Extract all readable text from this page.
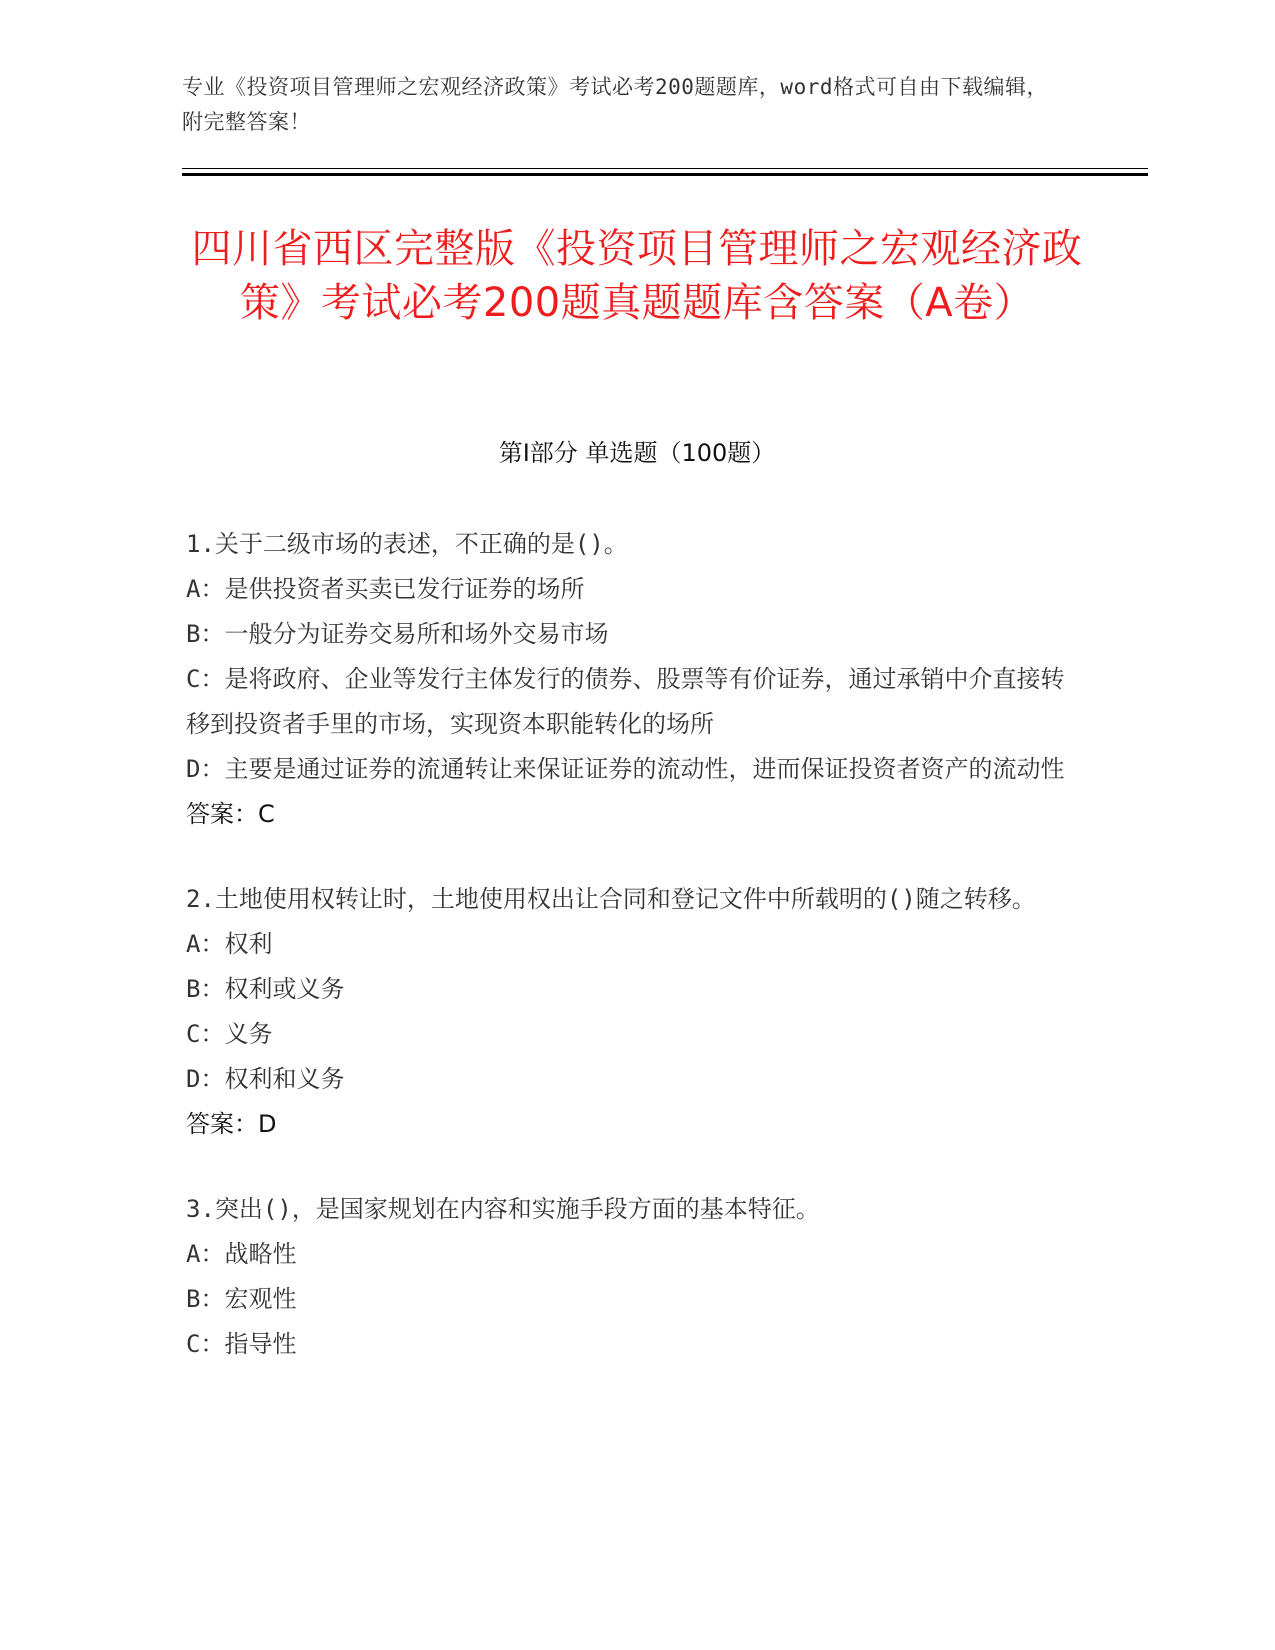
专业《投资项目管理师之宏观经济政策》考试必考200题题库，word格式可自由下载编辑，附完整答案！
四川省西区完整版《投资项目管理师之宏观经济政策》考试必考200题真题题库含答案（A卷）
第I部分 单选题（100题）

1.关于二级市场的表述，不正确的是()。

A：是供投资者买卖已发行证券的场所

B：一般分为证券交易所和场外交易市场

C：是将政府、企业等发行主体发行的债券、股票等有价证券，通过承销中介直接转移到投资者手里的市场，实现资本职能转化的场所

D：主要是通过证券的流通转让来保证证券的流动性，进而保证投资者资产的流动性

答案：C

2.土地使用权转让时，土地使用权出让合同和登记文件中所载明的()随之转移。

A：权利

B：权利或义务

C：义务

D：权利和义务

答案：D

3.突出()，是国家规划在内容和实施手段方面的基本特征。

A：战略性

B：宏观性

C：指导性
